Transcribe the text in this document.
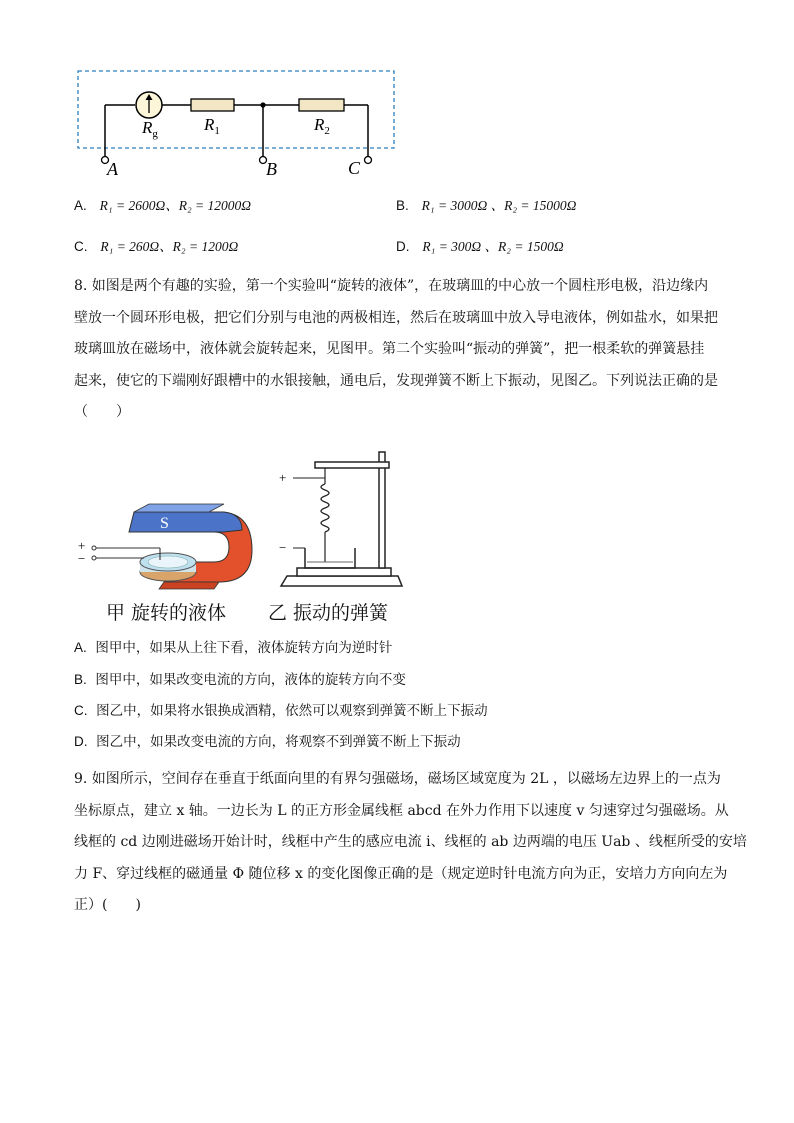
$R_g$	$R_1$	$R_2$
A	B	C
A. R₁ = 2600Ω、R₂ = 12000Ω	B. R₁ = 3000Ω 、R₂ = 15000Ω
C. R₁ = 260Ω、R₂ = 1200Ω	D. R₁ = 300Ω 、R₂ = 1500Ω
8. 如图是两个有趣的实验，第一个实验叫“旋转的液体”，在玻璃皿的中心放一个圆柱形电极，沿边缘内
壁放一个圆环形电极，把它们分别与电池的两极相连，然后在玻璃皿中放入导电液体，例如盐水，如果把
玻璃皿放在磁场中，液体就会旋转起来，见图甲。第二个实验叫“振动的弹簧”，把一根柔软的弹簧悬挂
起来，使它的下端刚好跟槽中的水银接触，通电后，发现弹簧不断上下振动，见图乙。下列说法正确的是
（　　）
S
+
−
+
−
甲 旋转的液体 乙 振动的弹簧
A. 图甲中，如果从上往下看，液体旋转方向为逆时针
B. 图甲中，如果改变电流的方向，液体的旋转方向不变
C. 图乙中，如果将水银换成酒精，依然可以观察到弹簧不断上下振动
D. 图乙中，如果改变电流的方向，将观察不到弹簧不断上下振动
9. 如图所示，空间存在垂直于纸面向里的有界匀强磁场，磁场区域宽度为 2L ，以磁场左边界上的一点为
坐标原点，建立 x 轴。一边长为 L 的正方形金属线框 abcd 在外力作用下以速度 v 匀速穿过匀强磁场。从
线框的 cd 边刚进磁场开始计时，线框中产生的感应电流 i、线框的 ab 边两端的电压 Uab 、线框所受的安培
力 F、穿过线框的磁通量 Φ 随位移 x 的变化图像正确的是（规定逆时针电流方向为正，安培力方向向左为
正）(　　)
